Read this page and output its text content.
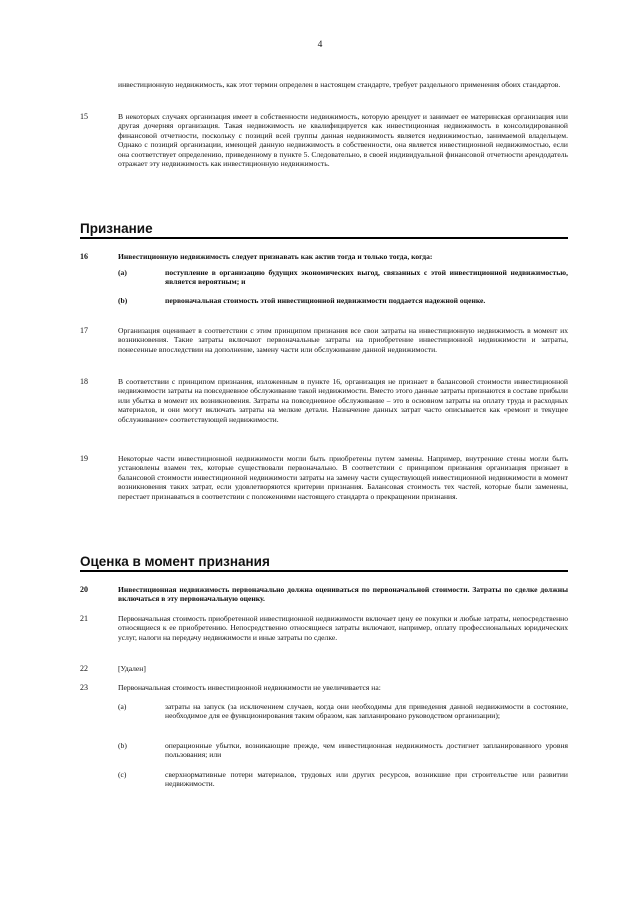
4
инвестиционную недвижимость, как этот термин определен в настоящем стандарте, требует раздельного применения обоих стандартов.
15	В некоторых случаях организация имеет в собственности недвижимость, которую арендует и занимает ее материнская организация или другая дочерняя организация. Такая недвижимость не квалифицируется как инвестиционная недвижимость в консолидированной финансовой отчетности, поскольку с позиций всей группы данная недвижимость является недвижимостью, занимаемой владельцем. Однако с позиций организации, имеющей данную недвижимость в собственности, она является инвестиционной недвижимостью, если она соответствует определению, приведенному в пункте 5. Следовательно, в своей индивидуальной финансовой отчетности арендодатель отражает эту недвижимость как инвестиционную недвижимость.
Признание
16	Инвестиционную недвижимость следует признавать как актив тогда и только тогда, когда:
(а)	поступление в организацию будущих экономических выгод, связанных с этой инвестиционной недвижимостью, является вероятным; и
(b)	первоначальная стоимость этой инвестиционной недвижимости поддается надежной оценке.
17	Организация оценивает в соответствии с этим принципом признания все свои затраты на инвестиционную недвижимость в момент их возникновения. Такие затраты включают первоначальные затраты на приобретение инвестиционной недвижимости и затраты, понесенные впоследствии на дополнение, замену части или обслуживание данной недвижимости.
18	В соответствии с принципом признания, изложенным в пункте 16, организация не признает в балансовой стоимости инвестиционной недвижимости затраты на повседневное обслуживание такой недвижимости. Вместо этого данные затраты признаются в составе прибыли или убытка в момент их возникновения. Затраты на повседневное обслуживание – это в основном затраты на оплату труда и расходных материалов, и они могут включать затраты на мелкие детали. Назначение данных затрат часто описывается как «ремонт и текущее обслуживание» соответствующей недвижимости.
19	Некоторые части инвестиционной недвижимости могли быть приобретены путем замены. Например, внутренние стены могли быть установлены взамен тех, которые существовали первоначально. В соответствии с принципом признания организация признает в балансовой стоимости инвестиционной недвижимости затраты на замену части существующей инвестиционной недвижимости в момент возникновения таких затрат, если удовлетворяются критерии признания. Балансовая стоимость тех частей, которые были заменены, перестает признаваться в соответствии с положениями настоящего стандарта о прекращении признания.
Оценка в момент признания
20	Инвестиционная недвижимость первоначально должна оцениваться по первоначальной стоимости. Затраты по сделке должны включаться в эту первоначальную оценку.
21	Первоначальная стоимость приобретенной инвестиционной недвижимости включает цену ее покупки и любые затраты, непосредственно относящиеся к ее приобретению. Непосредственно относящиеся затраты включают, например, оплату профессиональных юридических услуг, налоги на передачу недвижимости и иные затраты по сделке.
22	[Удален]
23	Первоначальная стоимость инвестиционной недвижимости не увеличивается на:
(а)	затраты на запуск (за исключением случаев, когда они необходимы для приведения данной недвижимости в состояние, необходимое для ее функционирования таким образом, как запланировано руководством организации);
(b)	операционные убытки, возникающие прежде, чем инвестиционная недвижимость достигнет запланированного уровня пользования; или
(c)	сверхнормативные потери материалов, трудовых или других ресурсов, возникшие при строительстве или развитии недвижимости.
